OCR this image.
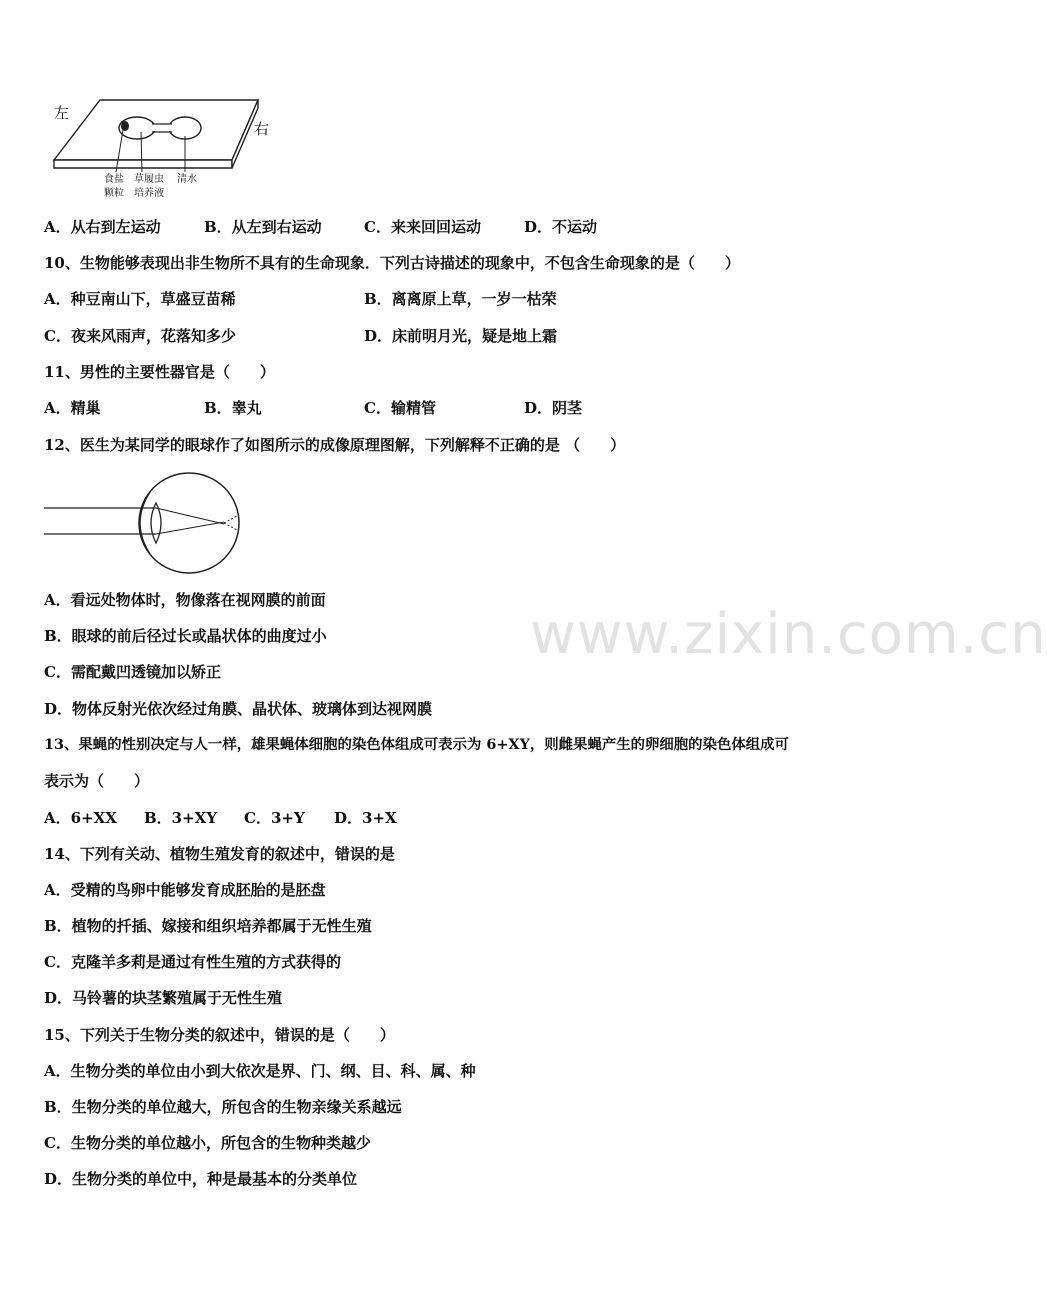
左
右
食盐
颗粒
草履虫
培养液
清水
A．从右到左运动	B．从左到右运动	C．来来回回运动	D．不运动
10、生物能够表现出非生物所不具有的生命现象．下列古诗描述的现象中，不包含生命现象的是（　　）
A．种豆南山下，草盛豆苗稀	B．离离原上草，一岁一枯荣
C．夜来风雨声，花落知多少	D．床前明月光，疑是地上霜
11、男性的主要性器官是（　　）
A．精巢	B．睾丸	C．输精管	D．阴茎
12、医生为某同学的眼球作了如图所示的成像原理图解，下列解释不正确的是 （　　）
A．看远处物体时，物像落在视网膜的前面
B．眼球的前后径过长或晶状体的曲度过小
C．需配戴凹透镜加以矫正
D．物体反射光依次经过角膜、晶状体、玻璃体到达视网膜
13、果蝇的性别决定与人一样，雄果蝇体细胞的染色体组成可表示为 6+XY，则雌果蝇产生的卵细胞的染色体组成可
表示为（　　）
A．6+XX B．3+XY C．3+Y D．3+X
14、下列有关动、植物生殖发育的叙述中，错误的是
A．受精的鸟卵中能够发育成胚胎的是胚盘
B．植物的扦插、嫁接和组织培养都属于无性生殖
C．克隆羊多莉是通过有性生殖的方式获得的
D．马铃薯的块茎繁殖属于无性生殖
15、下列关于生物分类的叙述中，错误的是（　　）
A．生物分类的单位由小到大依次是界、门、纲、目、科、属、种
B．生物分类的单位越大，所包含的生物亲缘关系越远
C．生物分类的单位越小，所包含的生物种类越少
D．生物分类的单位中，种是最基本的分类单位
www.zixin.com.cn
